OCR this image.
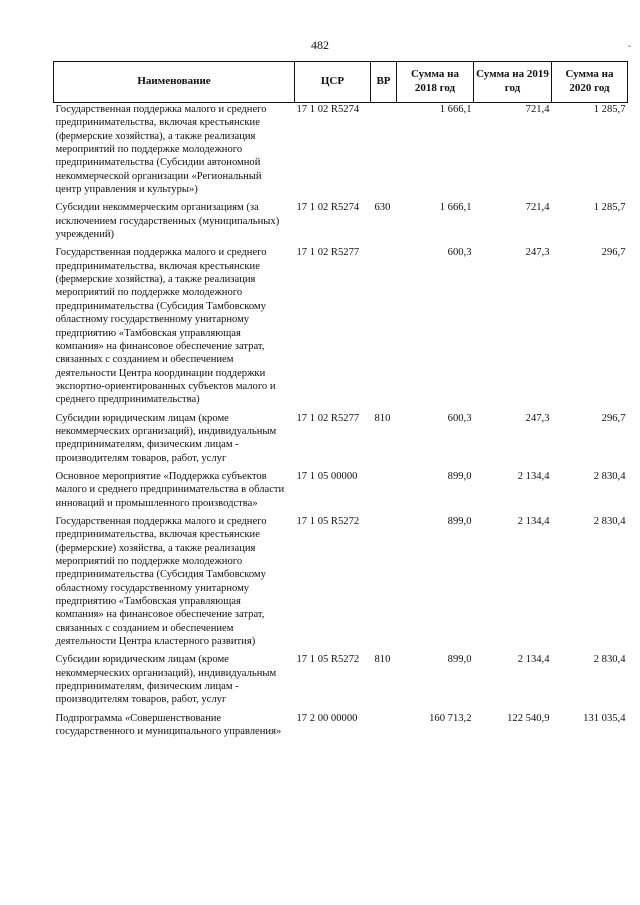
482	ˆ
Наименование	ЦСР	ВР	Сумма на 2018 год	Сумма на 2019 год	Сумма на 2020 год
Государственная поддержка малого и среднего предпринимательства, включая крестьянские (фермерские хозяйства), а также реализация мероприятий по поддержке молодежного предпринимательства (Субсидии автономной некоммерческой организации «Региональный центр управления и культуры»)	17 1 02 R5274		1 666,1	721,4	1 285,7
Субсидии некоммерческим организациям (за исключением государственных (муниципальных) учреждений)	17 1 02 R5274	630	1 666,1	721,4	1 285,7
Государственная поддержка малого и среднего предпринимательства, включая крестьянские (фермерские хозяйства), а также реализация мероприятий по поддержке молодежного предпринимательства (Субсидия Тамбовскому областному государственному унитарному предприятию «Тамбовская управляющая компания» на финансовое обеспечение затрат, связанных с созданием и обеспечением деятельности Центра координации поддержки экспортно-ориентированных субъектов малого и среднего предпринимательства)	17 1 02 R5277		600,3	247,3	296,7
Субсидии юридическим лицам (кроме некоммерческих организаций), индивидуальным предпринимателям, физическим лицам - производителям товаров, работ, услуг	17 1 02 R5277	810	600,3	247,3	296,7
Основное мероприятие «Поддержка субъектов малого и среднего предпринимательства в области инноваций и промышленного производства»	17 1 05 00000		899,0	2 134,4	2 830,4
Государственная поддержка малого и среднего предпринимательства, включая крестьянские (фермерские) хозяйства, а также реализация мероприятий по поддержке молодежного предпринимательства (Субсидия Тамбовскому областному государственному унитарному предприятию «Тамбовская управляющая компания» на финансовое обеспечение затрат, связанных с созданием и обеспечением деятельности Центра кластерного развития)	17 1 05 R5272		899,0	2 134,4	2 830,4
Субсидии юридическим лицам (кроме некоммерческих организаций), индивидуальным предпринимателям, физическим лицам - производителям товаров, работ, услуг	17 1 05 R5272	810	899,0	2 134,4	2 830,4
Подпрограмма «Совершенствование государственного и муниципального управления»	17 2 00 00000		160 713,2	122 540,9	131 035,4
